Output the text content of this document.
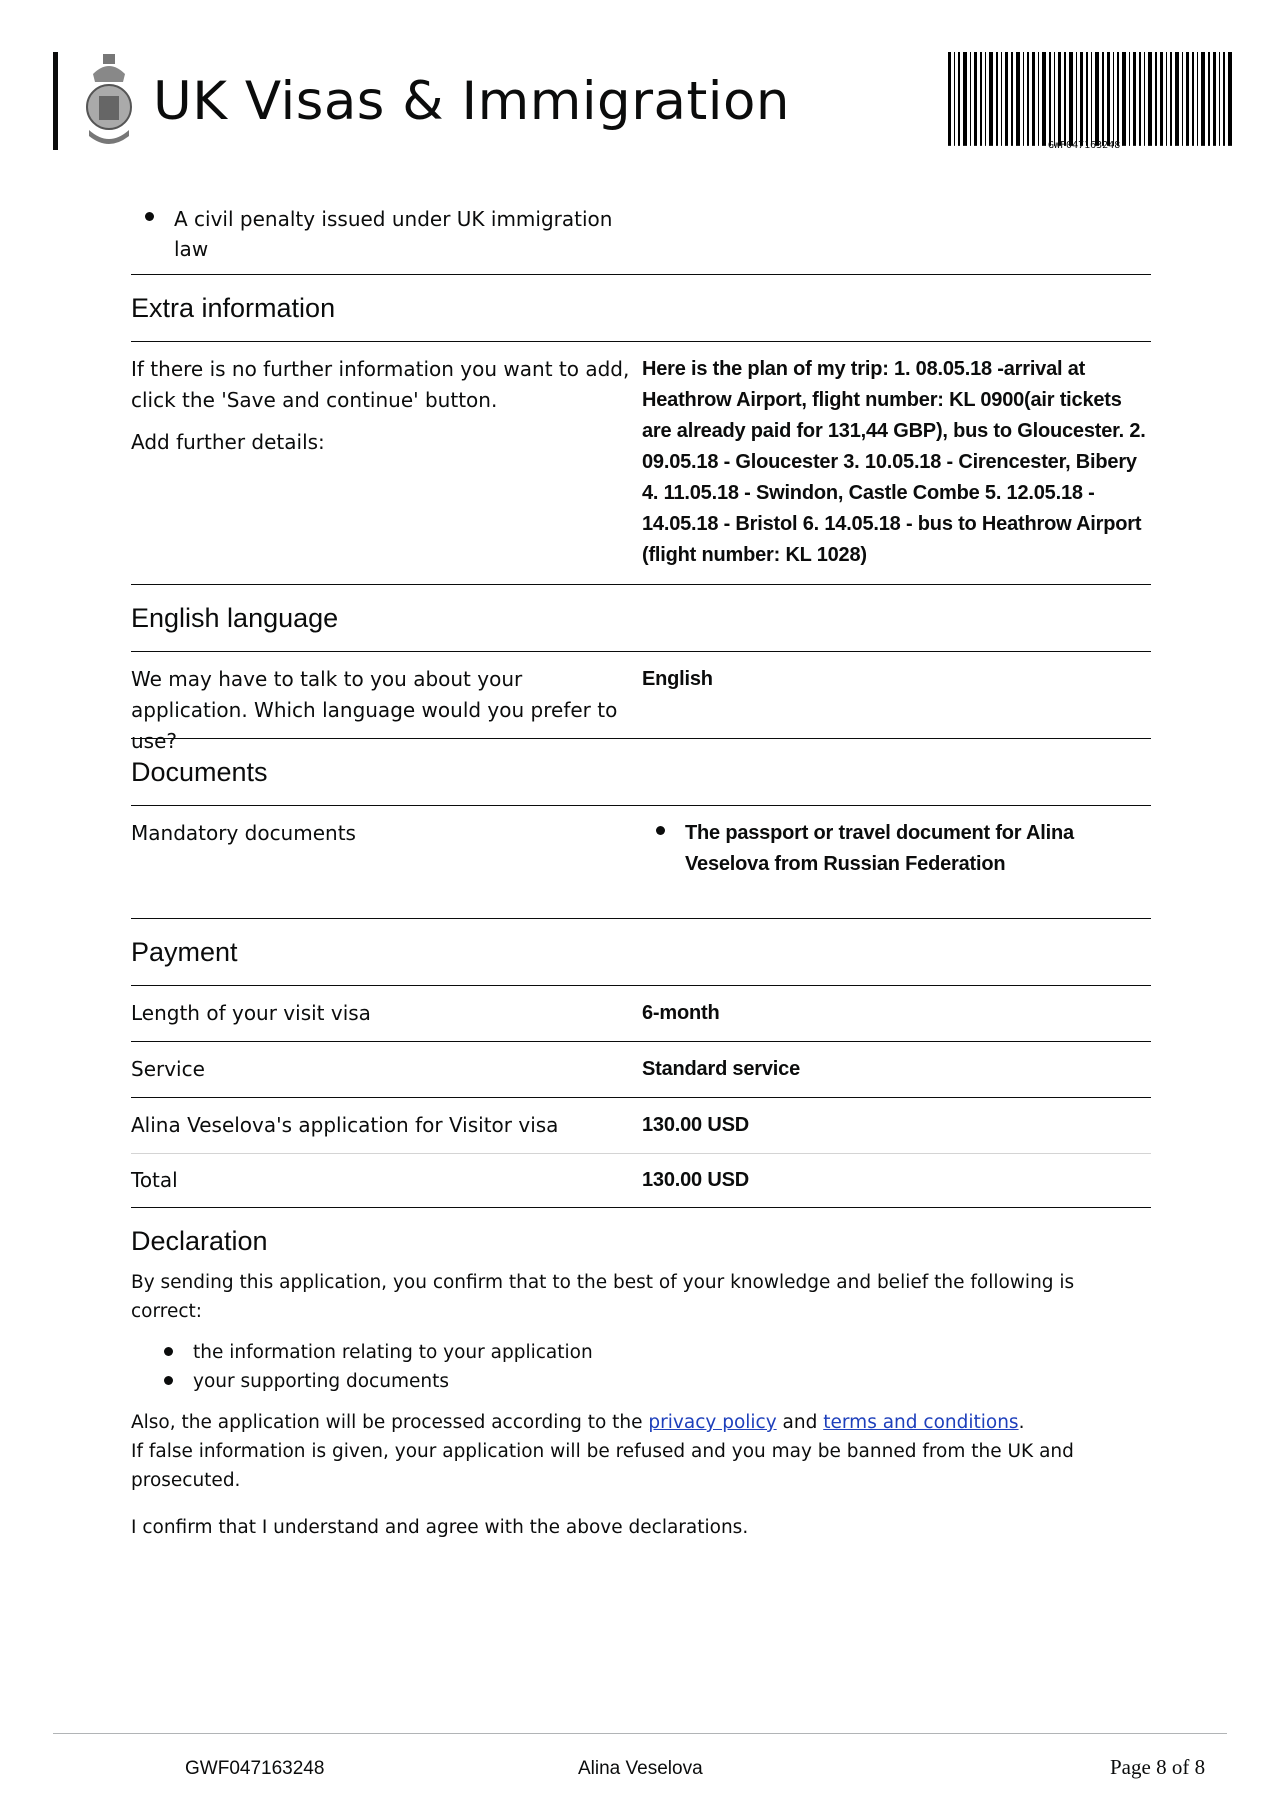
UK Visas & Immigration
GWF047163248
A civil penalty issued under UK immigration law
Extra information
If there is no further information you want to add, click the 'Save and continue' button.
Add further details:
Here is the plan of my trip: 1. 08.05.18 -arrival at Heathrow Airport, flight number: KL 0900(air tickets are already paid for 131,44 GBP), bus to Gloucester. 2. 09.05.18 - Gloucester 3. 10.05.18 - Cirencester, Bibery 4. 11.05.18 - Swindon, Castle Combe 5. 12.05.18 - 14.05.18 - Bristol 6. 14.05.18 - bus to Heathrow Airport (flight number: KL 1028)
English language
We may have to talk to you about your application. Which language would you prefer to use?
English
Documents
Mandatory documents	The passport or travel document for Alina Veselova from Russian Federation
Payment
Length of your visit visa	6-month
Service	Standard service
Alina Veselova's application for Visitor visa	130.00 USD
Total	130.00 USD
Declaration
By sending this application, you confirm that to the best of your knowledge and belief the following is correct:
the information relating to your application
your supporting documents
Also, the application will be processed according to the privacy policy and terms and conditions.
If false information is given, your application will be refused and you may be banned from the UK and prosecuted.
I confirm that I understand and agree with the above declarations.
GWF047163248	Alina Veselova	Page 8 of 8
